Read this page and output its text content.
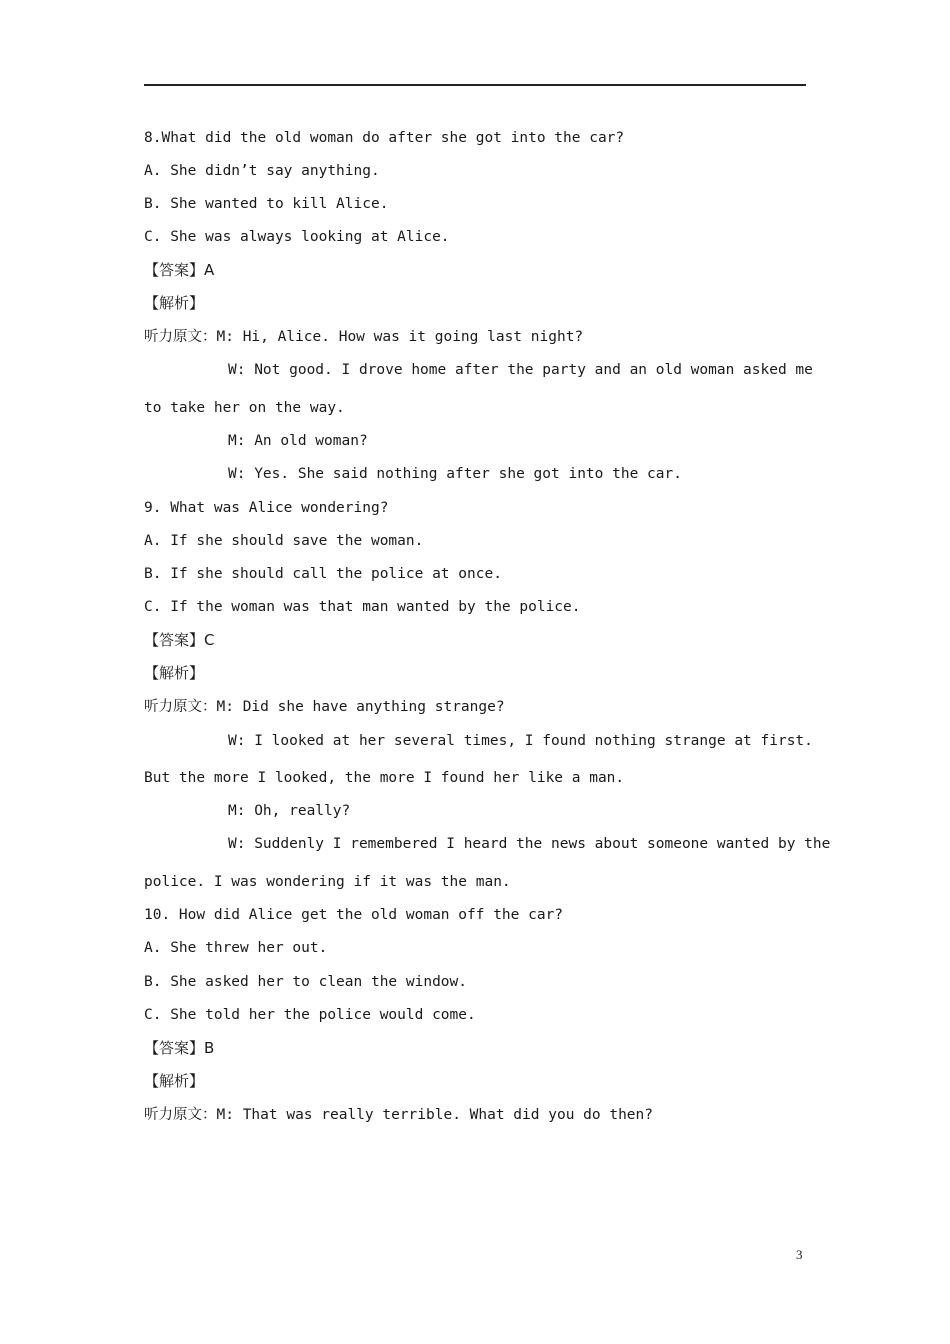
8.What did the old woman do after she got into the car?
A. She didn’t say anything.
B. She wanted to kill Alice.
C. She was always looking at Alice.
【答案】A
【解析】
听力原文：M: Hi, Alice. How was it going last night?
W: Not good. I drove home after the party and an old woman asked me
to take her on the way.
M: An old woman?
W: Yes. She said nothing after she got into the car.
9. What was Alice wondering?
A. If she should save the woman.
B. If she should call the police at once.
C. If the woman was that man wanted by the police.
【答案】C
【解析】
听力原文：M: Did she have anything strange?
W: I looked at her several times, I found nothing strange at first.
But the more I looked, the more I found her like a man.
M: Oh, really?
W: Suddenly I remembered I heard the news about someone wanted by the
police. I was wondering if it was the man.
10. How did Alice get the old woman off the car?
A. She threw her out.
B. She asked her to clean the window.
C. She told her the police would come.
【答案】B
【解析】
听力原文：M: That was really terrible. What did you do then?
3
